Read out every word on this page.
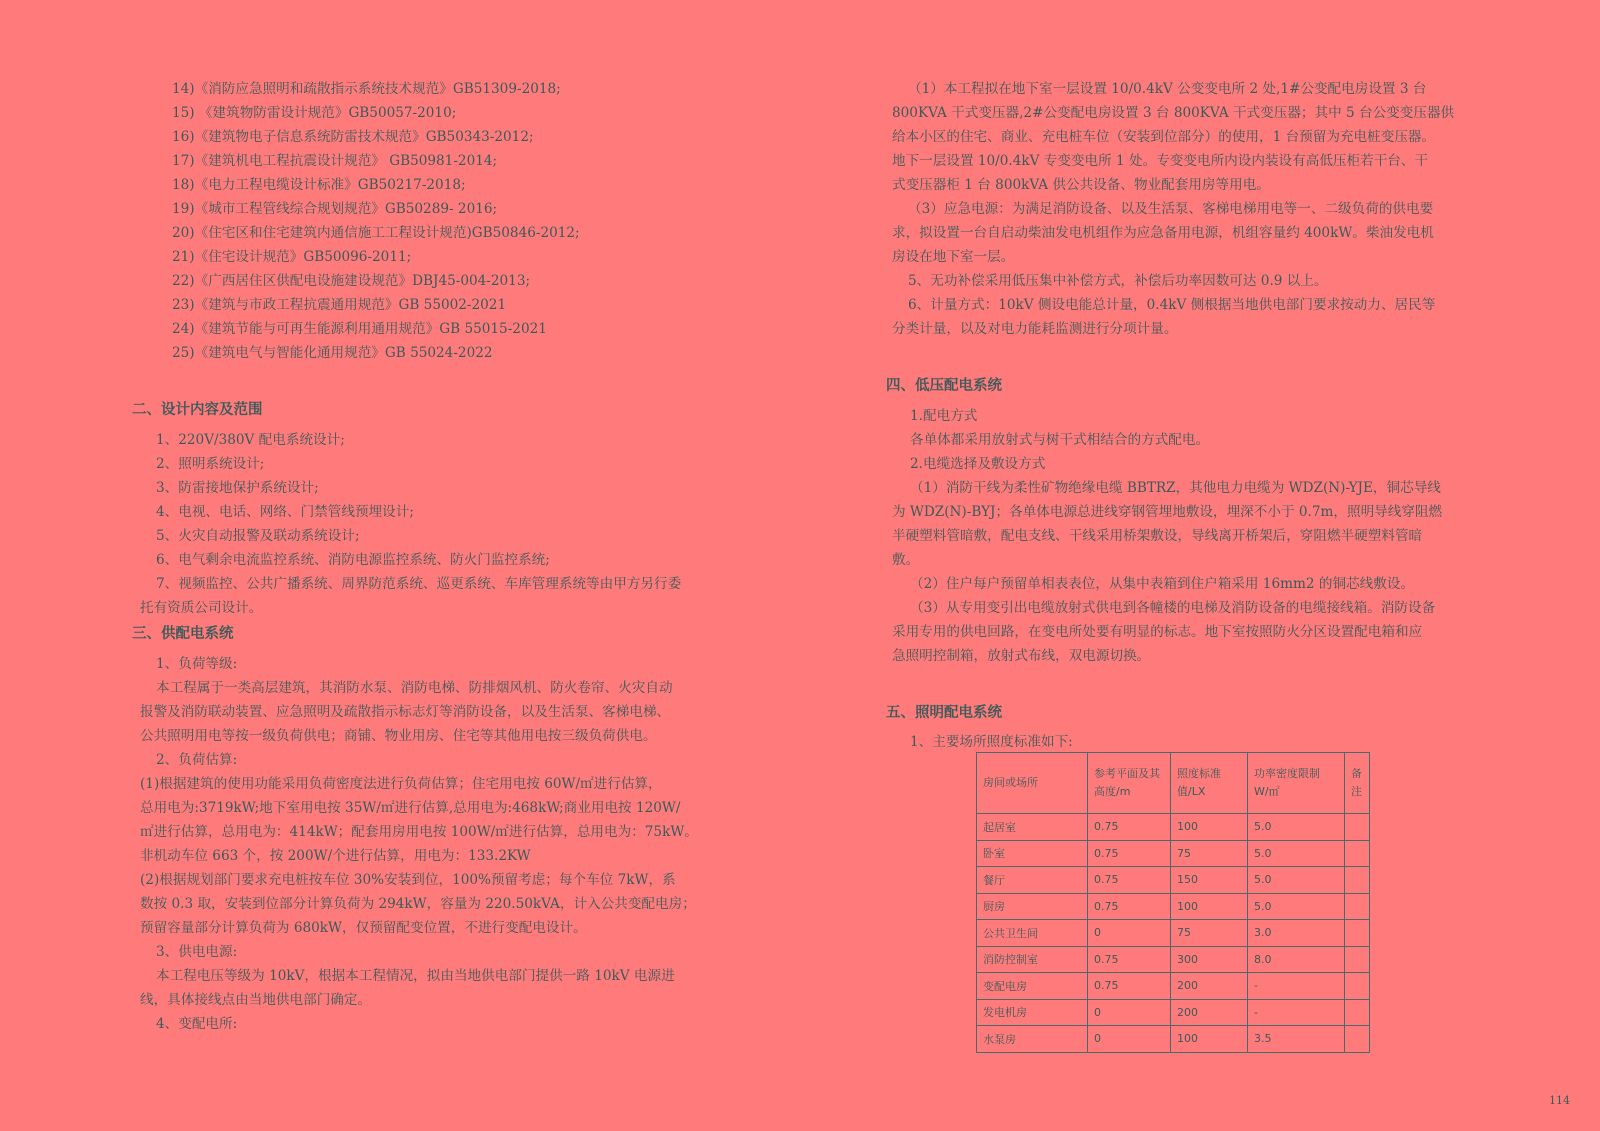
14)《消防应急照明和疏散指示系统技术规范》GB51309-2018;
15) 《建筑物防雷设计规范》GB50057-2010;
16)《建筑物电子信息系统防雷技术规范》GB50343-2012;
17)《建筑机电工程抗震设计规范》 GB50981-2014;
18)《电力工程电缆设计标准》GB50217-2018;
19)《城市工程管线综合规划规范》GB50289- 2016;
20)《住宅区和住宅建筑内通信施工工程设计规范)GB50846-2012;
21)《住宅设计规范》GB50096-2011;
22)《广西居住区供配电设施建设规范》DBJ45-004-2013;
23)《建筑与市政工程抗震通用规范》GB 55002-2021
24)《建筑节能与可再生能源利用通用规范》GB 55015-2021
25)《建筑电气与智能化通用规范》GB 55024-2022
二、设计内容及范围
1、220V/380V 配电系统设计;
2、照明系统设计;
3、防雷接地保护系统设计;
4、电视、电话、网络、门禁管线预埋设计;
5、火灾自动报警及联动系统设计;
6、电气剩余电流监控系统、消防电源监控系统、防火门监控系统;
7、视频监控、公共广播系统、周界防范系统、巡更系统、车库管理系统等由甲方另行委
托有资质公司设计。
三、供配电系统
1、负荷等级:
本工程属于一类高层建筑，其消防水泵、消防电梯、防排烟风机、防火卷帘、火灾自动
报警及消防联动装置、应急照明及疏散指示标志灯等消防设备，以及生活泵、客梯电梯、
公共照明用电等按一级负荷供电；商铺、物业用房、住宅等其他用电按三级负荷供电。
2、负荷估算:
(1)根据建筑的使用功能采用负荷密度法进行负荷估算；住宅用电按 60W/㎡进行估算，
总用电为:3719kW;地下室用电按 35W/㎡进行估算,总用电为:468kW;商业用电按 120W/
㎡进行估算，总用电为：414kW；配套用房用电按 100W/㎡进行估算，总用电为：75kW。
非机动车位 663 个，按 200W/个进行估算，用电为：133.2KW
(2)根据规划部门要求充电桩按车位 30%安装到位，100%预留考虑；每个车位 7kW，系
数按 0.3 取，安装到位部分计算负荷为 294kW，容量为 220.50kVA，计入公共变配电房；
预留容量部分计算负荷为 680kW，仅预留配变位置，不进行变配电设计。
3、供电电源:
本工程电压等级为 10kV，根据本工程情况，拟由当地供电部门提供一路 10kV 电源进
线，具体接线点由当地供电部门确定。
4、变配电所:
（1）本工程拟在地下室一层设置 10/0.4kV 公变变电所 2 处,1#公变配电房设置 3 台
800KVA 干式变压器,2#公变配电房设置 3 台 800KVA 干式变压器；其中 5 台公变变压器供
给本小区的住宅、商业、充电桩车位（安装到位部分）的使用，1 台预留为充电桩变压器。
地下一层设置 10/0.4kV 专变变电所 1 处。专变变电所内设内装设有高低压柜若干台、干
式变压器柜 1 台 800kVA 供公共设备、物业配套用房等用电。
（3）应急电源：为满足消防设备、以及生活泵、客梯电梯用电等一、二级负荷的供电要
求，拟设置一台自启动柴油发电机组作为应急备用电源，机组容量约 400kW。柴油发电机
房设在地下室一层。
5、无功补偿采用低压集中补偿方式，补偿后功率因数可达 0.9 以上。
6、计量方式：10kV 侧设电能总计量，0.4kV 侧根据当地供电部门要求按动力、居民等
分类计量，以及对电力能耗监测进行分项计量。
四、低压配电系统
1.配电方式
各单体都采用放射式与树干式相结合的方式配电。
2.电缆选择及敷设方式
（1）消防干线为柔性矿物绝缘电缆 BBTRZ，其他电力电缆为 WDZ(N)-YJE，铜芯导线
为 WDZ(N)-BYJ；各单体电源总进线穿钢管埋地敷设，埋深不小于 0.7m，照明导线穿阻燃
半硬塑料管暗敷，配电支线、干线采用桥架敷设，导线离开桥架后，穿阻燃半硬塑料管暗
敷。
（2）住户每户预留单相表表位，从集中表箱到住户箱采用 16mm2 的铜芯线敷设。
（3）从专用变引出电缆放射式供电到各幢楼的电梯及消防设备的电缆接线箱。消防设备
采用专用的供电回路，在变电所处要有明显的标志。地下室按照防火分区设置配电箱和应
急照明控制箱，放射式布线，双电源切换。
五、照明配电系统
1、主要场所照度标准如下:
房间或场所	参考平面及其高度/m	照度标准值/LX	功率密度限制 W/㎡	备注
起居室	0.75	100	5.0	
卧室	0.75	75	5.0	
餐厅	0.75	150	5.0	
厨房	0.75	100	5.0	
公共卫生间	0	75	3.0	
消防控制室	0.75	300	8.0	
变配电房	0.75	200	-	
发电机房	0	200	-	
水泵房	0	100	3.5	
114
